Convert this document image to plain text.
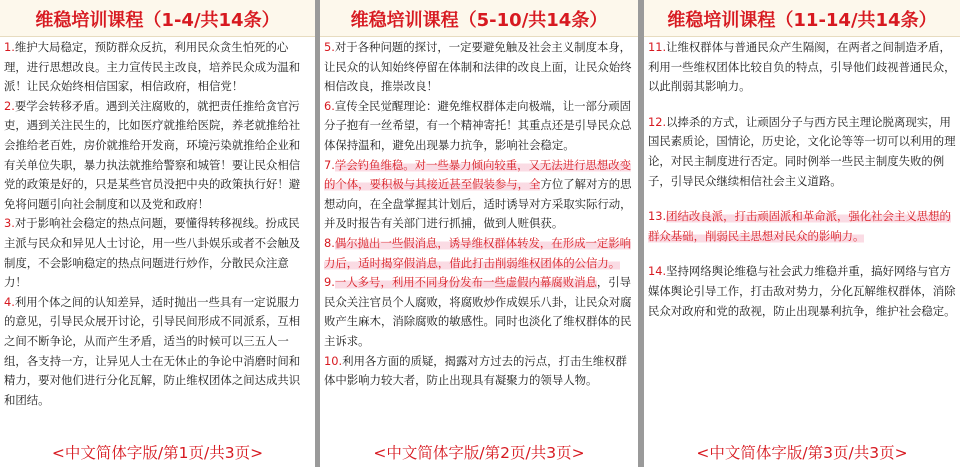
维稳培训课程（1-4/共14条）

1.维护大局稳定，预防群众反抗，利用民众贪生怕死的心理，进行思想改良。主力宣传民主改良，培养民众成为温和派！让民众始终相信国家，相信政府，相信党！

2.要学会转移矛盾。遇到关注腐败的，就把责任推给贪官污吏，遇到关注民生的，比如医疗就推给医院，养老就推给社会推给老百姓，房价就推给开发商，环境污染就推给企业和有关单位失职，暴力执法就推给警察和城管！要让民众相信党的政策是好的，只是某些官员没把中央的政策执行好！避免将问题引向社会制度和以及党和政府！

3.对于影响社会稳定的热点问题，要懂得转移视线。扮成民主派与民众和异见人士讨论，用一些八卦娱乐或者不会触及制度，不会影响稳定的热点问题进行炒作，分散民众注意力！

4.利用个体之间的认知差异，适时抛出一些具有一定说服力的意见，引导民众展开讨论，引导民间形成不同派系，互相之间不断争论，从而产生矛盾，适当的时候可以三五人一组，各支持一方，让异见人士在无休止的争论中消磨时间和精力，要对他们进行分化瓦解，防止维权团体之间达成共识和团结。

<中文简体字版/第1页/共3页>
维稳培训课程（5-10/共14条）

5.对于各种问题的探讨，一定要避免触及社会主义制度本身，让民众的认知始终停留在体制和法律的改良上面，让民众始终相信改良，推崇改良！

6.宣传全民觉醒理论：避免维权群体走向极端，让一部分顽固分子抱有一丝希望，有一个精神寄托！其重点还是引导民众总体保持温和，避免出现暴力抗争，影响社会稳定。

7.学会钓鱼维稳。对一些暴力倾向较重，又无法进行思想改变的个体，要积极与其接近甚至假装参与，全方位了解对方的思想动向，在全盘掌握其计划后，适时诱导对方采取实际行动，并及时报告有关部门进行抓捕，做到人赃俱获。

8.偶尔抛出一些假消息，诱导维权群体转发，在形成一定影响力后，适时揭穿假消息，借此打击削弱维权团体的公信力。

9.一人多号，利用不同身份发布一些虚假内幕腐败消息，引导民众关注官员个人腐败，将腐败炒作成娱乐八卦，让民众对腐败产生麻木，消除腐败的敏感性。同时也淡化了维权群体的民主诉求。

10.利用各方面的质疑，揭露对方过去的污点，打击生维权群体中影响力较大者，防止出现具有凝聚力的领导人物。

<中文简体字版/第2页/共3页>
维稳培训课程（11-14/共14条）

11.让维权群体与普通民众产生隔阂，在两者之间制造矛盾，利用一些维权团体比较自负的特点，引导他们歧视普通民众，以此削弱其影响力。

12.以捧杀的方式，让顽固分子与西方民主理论脱离现实，用国民素质论，国情论，历史论，文化论等等一切可以利用的理论，对民主制度进行否定。同时例举一些民主制度失败的例子，引导民众继续相信社会主义道路。

13.团结改良派，打击顽固派和革命派，强化社会主义思想的群众基础，削弱民主思想对民众的影响力。

14.坚持网络舆论维稳与社会武力维稳并重，搞好网络与官方媒体舆论引导工作，打击敌对势力，分化瓦解维权群体，消除民众对政府和党的敌视，防止出现暴利抗争，维护社会稳定。

<中文简体字版/第3页/共3页>
